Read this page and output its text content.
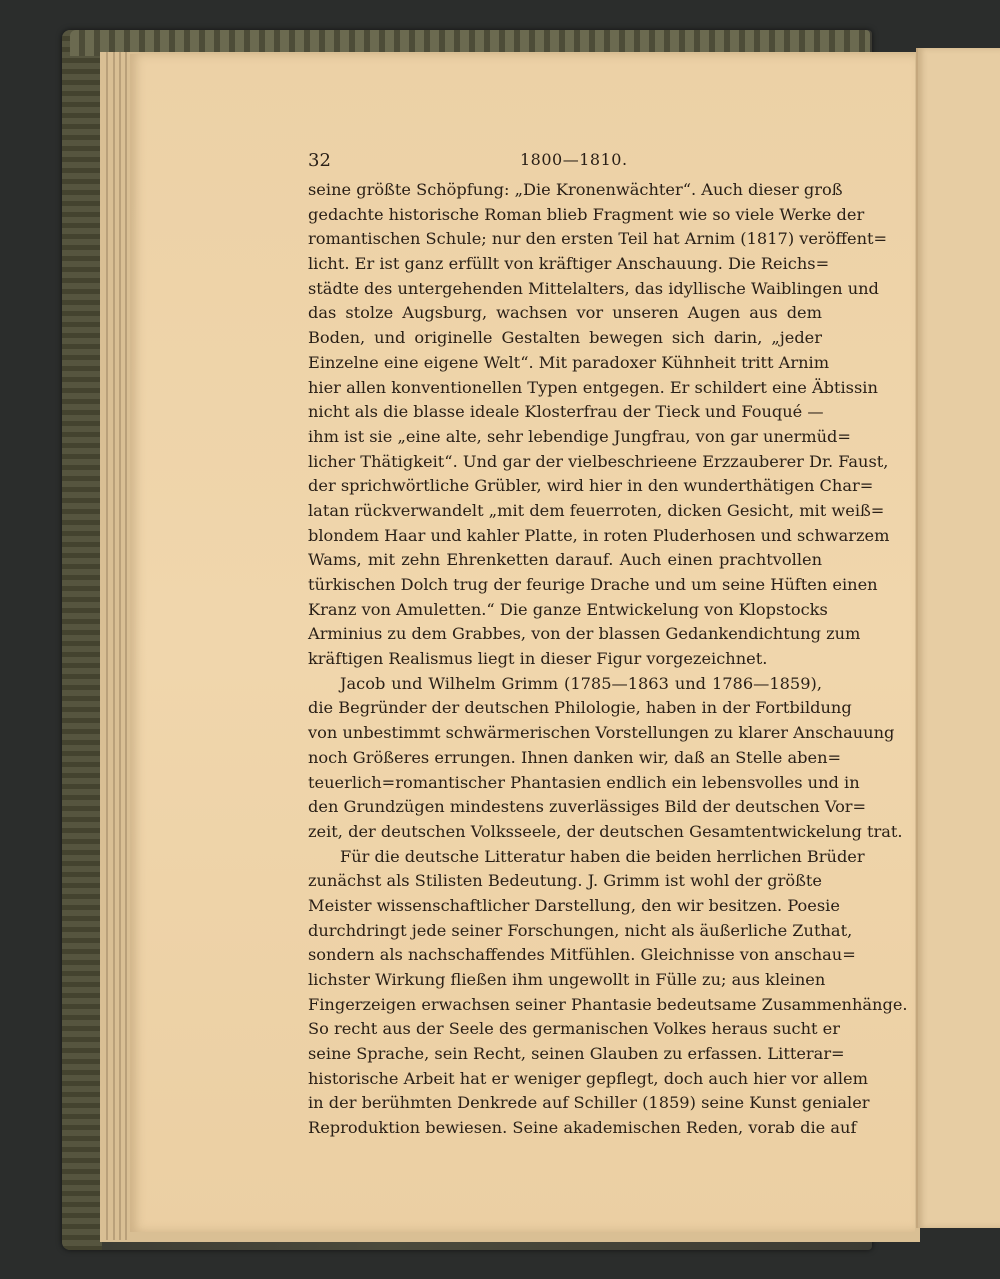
32	1800—1810.
seine größte Schöpfung: „Die Kronenwächter“. Auch dieser groß
gedachte historische Roman blieb Fragment wie so viele Werke der
romantischen Schule; nur den ersten Teil hat Arnim (1817) veröffent=
licht. Er ist ganz erfüllt von kräftiger Anschauung. Die Reichs=
städte des untergehenden Mittelalters, das idyllische Waiblingen und
das stolze Augsburg, wachsen vor unseren Augen aus dem
Boden, und originelle Gestalten bewegen sich darin, „jeder
Einzelne eine eigene Welt“. Mit paradoxer Kühnheit tritt Arnim
hier allen konventionellen Typen entgegen. Er schildert eine Äbtissin
nicht als die blasse ideale Klosterfrau der Tieck und Fouqué —
ihm ist sie „eine alte, sehr lebendige Jungfrau, von gar unermüd=
licher Thätigkeit“. Und gar der vielbeschrieene Erzzauberer Dr. Faust,
der sprichwörtliche Grübler, wird hier in den wunderthätigen Char=
latan rückverwandelt „mit dem feuerroten, dicken Gesicht, mit weiß=
blondem Haar und kahler Platte, in roten Pluderhosen und schwarzem
Wams, mit zehn Ehrenketten darauf. Auch einen prachtvollen
türkischen Dolch trug der feurige Drache und um seine Hüften einen
Kranz von Amuletten.“ Die ganze Entwickelung von Klopstocks
Arminius zu dem Grabbes, von der blassen Gedankendichtung zum
kräftigen Realismus liegt in dieser Figur vorgezeichnet.
Jacob und Wilhelm Grimm (1785—1863 und 1786—1859),
die Begründer der deutschen Philologie, haben in der Fortbildung
von unbestimmt schwärmerischen Vorstellungen zu klarer Anschauung
noch Größeres errungen. Ihnen danken wir, daß an Stelle aben=
teuerlich=romantischer Phantasien endlich ein lebensvolles und in
den Grundzügen mindestens zuverlässiges Bild der deutschen Vor=
zeit, der deutschen Volksseele, der deutschen Gesamtentwickelung trat.
Für die deutsche Litteratur haben die beiden herrlichen Brüder
zunächst als Stilisten Bedeutung. J. Grimm ist wohl der größte
Meister wissenschaftlicher Darstellung, den wir besitzen. Poesie
durchdringt jede seiner Forschungen, nicht als äußerliche Zuthat,
sondern als nachschaffendes Mitfühlen. Gleichnisse von anschau=
lichster Wirkung fließen ihm ungewollt in Fülle zu; aus kleinen
Fingerzeigen erwachsen seiner Phantasie bedeutsame Zusammenhänge.
So recht aus der Seele des germanischen Volkes heraus sucht er
seine Sprache, sein Recht, seinen Glauben zu erfassen. Litterar=
historische Arbeit hat er weniger gepflegt, doch auch hier vor allem
in der berühmten Denkrede auf Schiller (1859) seine Kunst genialer
Reproduktion bewiesen. Seine akademischen Reden, vorab die auf
